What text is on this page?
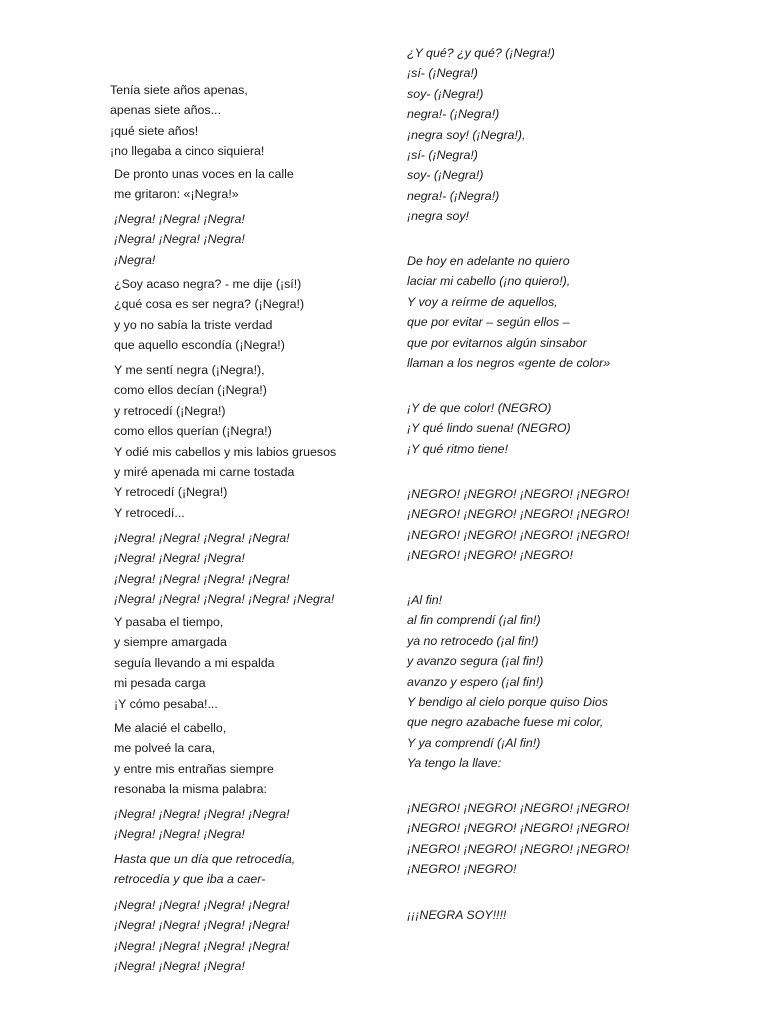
Tenía siete años apenas,
apenas siete años...
¡qué siete años!
¡no llegaba a cinco siquiera!
De pronto unas voces en la calle
me gritaron: «¡Negra!»
¡Negra! ¡Negra! ¡Negra!
¡Negra! ¡Negra! ¡Negra!
¡Negra!
¿Soy acaso negra? - me dije (¡sí!)
¿qué cosa es ser negra? (¡Negra!)
y yo no sabía la triste verdad
que aquello escondía (¡Negra!)
Y me sentí negra (¡Negra!),
como ellos decían (¡Negra!)
y retrocedí (¡Negra!)
como ellos querían (¡Negra!)
Y odié mis cabellos y mis labios gruesos
y miré apenada mi carne tostada
Y retrocedí (¡Negra!)
Y retrocedí...
¡Negra! ¡Negra! ¡Negra! ¡Negra!
¡Negra! ¡Negra! ¡Negra!
¡Negra! ¡Negra! ¡Negra! ¡Negra!
¡Negra! ¡Negra! ¡Negra! ¡Negra! ¡Negra!
Y pasaba el tiempo,
y siempre amargada
seguía llevando a mi espalda
mi pesada carga
¡Y cómo pesaba!...
Me alacié el cabello,
me polveé la cara,
y entre mis entrañas siempre
resonaba la misma palabra:
¡Negra! ¡Negra! ¡Negra! ¡Negra!
¡Negra! ¡Negra! ¡Negra!
Hasta que un día que retrocedía,
retrocedía y que iba a caer-
¡Negra! ¡Negra! ¡Negra! ¡Negra!
¡Negra! ¡Negra! ¡Negra! ¡Negra!
¡Negra! ¡Negra! ¡Negra! ¡Negra!
¡Negra! ¡Negra! ¡Negra!
¿Y qué? ¿y qué? (¡Negra!)
¡sí- (¡Negra!)
soy- (¡Negra!)
negra!- (¡Negra!)
¡negra soy! (¡Negra!),
¡sí- (¡Negra!)
soy- (¡Negra!)
negra!- (¡Negra!)
¡negra soy!
De hoy en adelante no quiero
laciar mi cabello (¡no quiero!),
Y voy a reírme de aquellos,
que por evitar – según ellos –
que por evitarnos algún sinsabor
llaman a los negros «gente de color»
¡Y de que color! (NEGRO)
¡Y qué lindo suena! (NEGRO)
¡Y qué ritmo tiene!
¡NEGRO! ¡NEGRO! ¡NEGRO! ¡NEGRO!
¡NEGRO! ¡NEGRO! ¡NEGRO! ¡NEGRO!
¡NEGRO! ¡NEGRO! ¡NEGRO! ¡NEGRO!
¡NEGRO! ¡NEGRO! ¡NEGRO!
¡Al fin!
al fin comprendí (¡al fin!)
ya no retrocedo (¡al fin!)
y avanzo segura (¡al fin!)
avanzo y espero (¡al fin!)
Y bendigo al cielo porque quiso Dios
que negro azabache fuese mi color,
Y ya comprendí (¡Al fin!)
Ya tengo la llave:
¡NEGRO! ¡NEGRO! ¡NEGRO! ¡NEGRO!
¡NEGRO! ¡NEGRO! ¡NEGRO! ¡NEGRO!
¡NEGRO! ¡NEGRO! ¡NEGRO! ¡NEGRO!
¡NEGRO! ¡NEGRO!
¡¡¡NEGRA SOY!!!!
